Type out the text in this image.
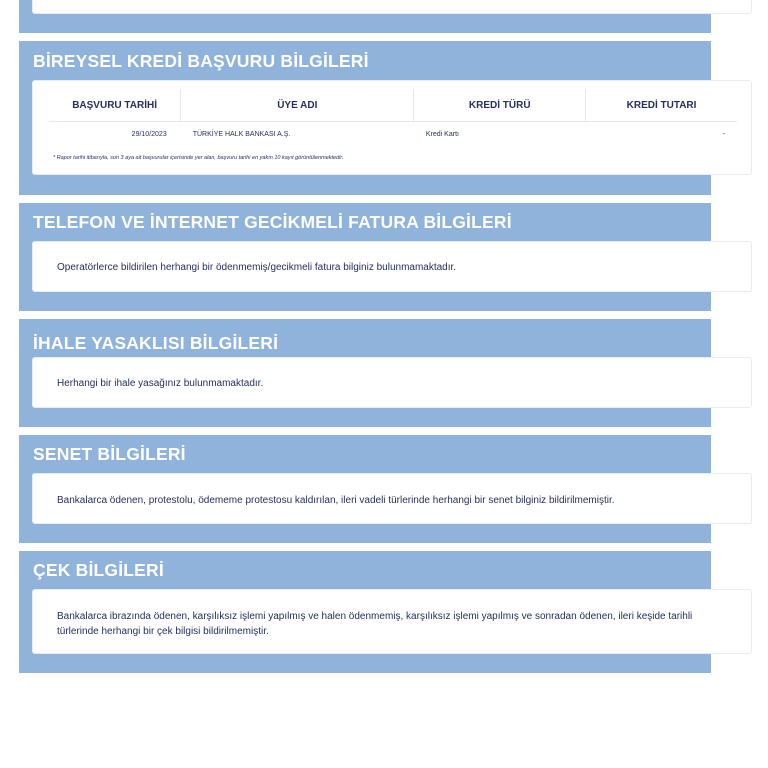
BİREYSEL KREDİ BAŞVURU BİLGİLERİ
BAŞVURU TARİHİ	ÜYE ADI	KREDİ TÜRÜ	KREDİ TUTARI
29/10/2023	TÜRKİYE HALK BANKASI A.Ş.	Kredi Kartı	-
* Rapor tarihi itibarıyla, son 3 aya ait başvurular içerisinde yer alan, başvuru tarihi en yakın 10 kayıt görüntülenmektedir.
TELEFON VE İNTERNET GECİKMELİ FATURA BİLGİLERİ
Operatörlerce bildirilen herhangi bir ödenmemiş/gecikmeli fatura bilginiz bulunmamaktadır.
İHALE YASAKLISI BİLGİLERİ
Herhangi bir ihale yasağınız bulunmamaktadır.
SENET BİLGİLERİ
Bankalarca ödenen, protestolu, ödememe protestosu kaldırılan, ileri vadeli türlerinde herhangi bir senet bilginiz bildirilmemiştir.
ÇEK BİLGİLERİ
Bankalarca ibrazında ödenen, karşılıksız işlemi yapılmış ve halen ödenmemiş, karşılıksız işlemi yapılmış ve sonradan ödenen, ileri keşide tarihli
türlerinde herhangi bir çek bilgisi bildirilmemiştir.
